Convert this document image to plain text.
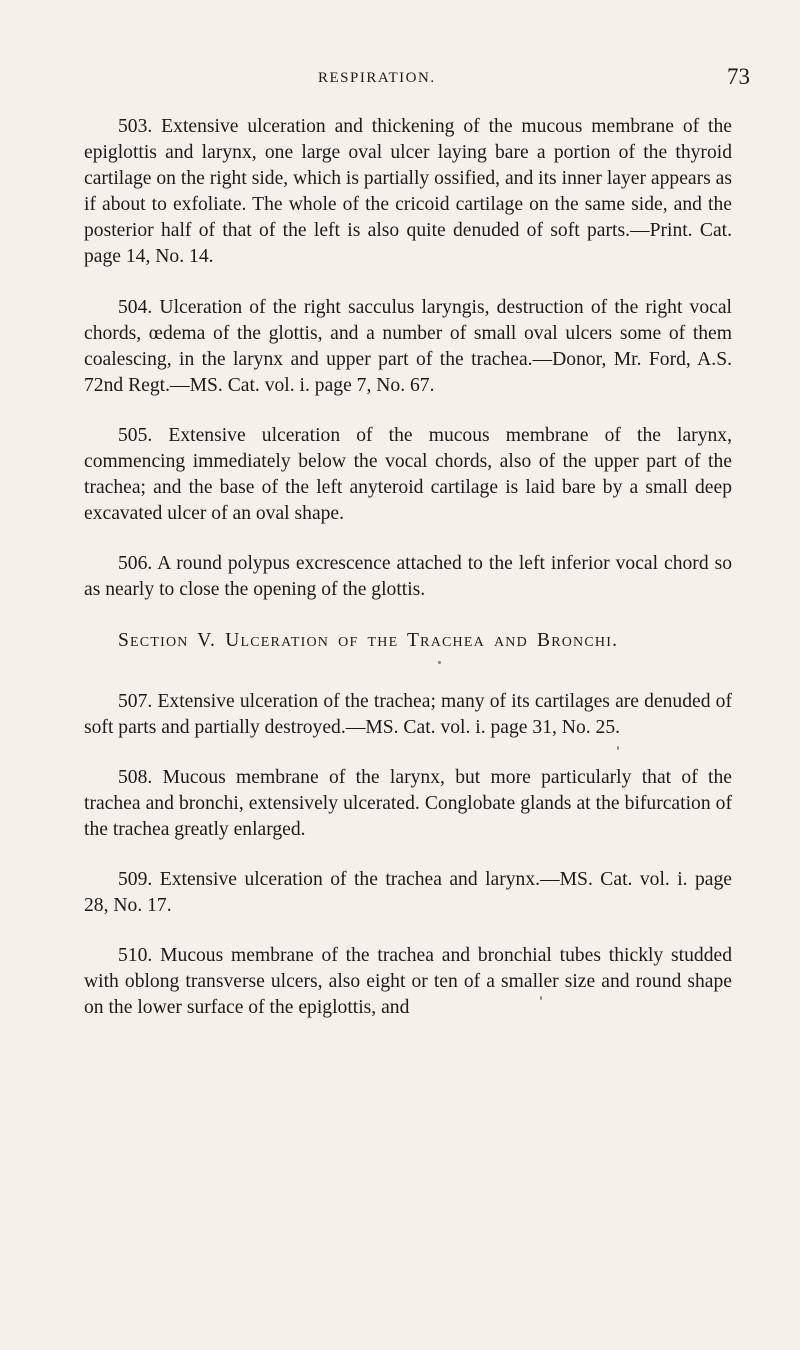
RESPIRATION.	73

503. Extensive ulceration and thickening of the mucous membrane of the epiglottis and larynx, one large oval ulcer laying bare a portion of the thyroid cartilage on the right side, which is partially ossified, and its inner layer appears as if about to exfoliate. The whole of the cricoid cartilage on the same side, and the posterior half of that of the left is also quite denuded of soft parts.—Print. Cat. page 14, No. 14.

504. Ulceration of the right sacculus laryngis, destruction of the right vocal chords, œdema of the glottis, and a number of small oval ulcers some of them coalescing, in the larynx and upper part of the trachea.—Donor, Mr. Ford, A.S. 72nd Regt.—MS. Cat. vol. i. page 7, No. 67.

505. Extensive ulceration of the mucous membrane of the larynx, commencing immediately below the vocal chords, also of the upper part of the trachea; and the base of the left anyteroid cartilage is laid bare by a small deep excavated ulcer of an oval shape.

506. A round polypus excrescence attached to the left inferior vocal chord so as nearly to close the opening of the glottis.

Section V. Ulceration of the Trachea and Bronchi.

507. Extensive ulceration of the trachea; many of its cartilages are denuded of soft parts and partially destroyed.—MS. Cat. vol. i. page 31, No. 25.

508. Mucous membrane of the larynx, but more particularly that of the trachea and bronchi, extensively ulcerated. Conglobate glands at the bifurcation of the trachea greatly enlarged.

509. Extensive ulceration of the trachea and larynx.—MS. Cat. vol. i. page 28, No. 17.

510. Mucous membrane of the trachea and bronchial tubes thickly studded with oblong transverse ulcers, also eight or ten of a smaller size and round shape on the lower surface of the epiglottis, and
